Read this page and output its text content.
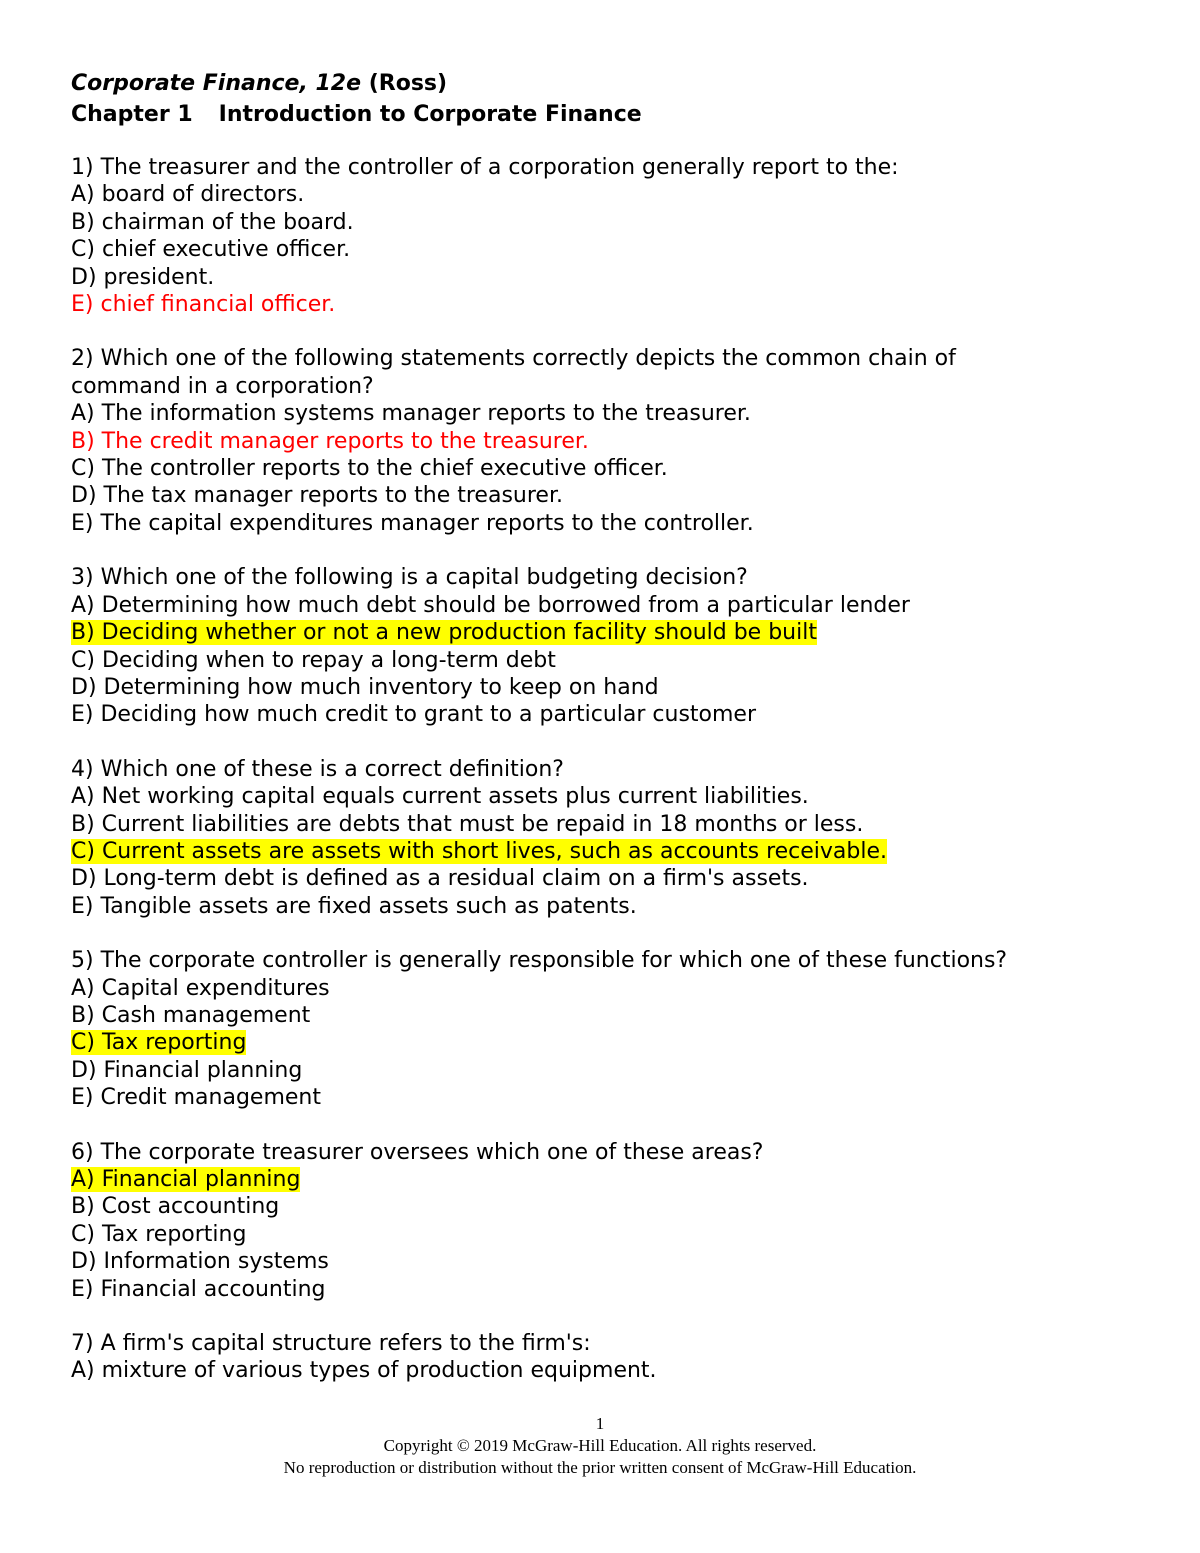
Corporate Finance, 12e (Ross)
Chapter 1 Introduction to Corporate Finance
1) The treasurer and the controller of a corporation generally report to the:
A) board of directors.
B) chairman of the board.
C) chief executive officer.
D) president.
E) chief financial officer.
2) Which one of the following statements correctly depicts the common chain of command in a corporation?
A) The information systems manager reports to the treasurer.
B) The credit manager reports to the treasurer.
C) The controller reports to the chief executive officer.
D) The tax manager reports to the treasurer.
E) The capital expenditures manager reports to the controller.
3) Which one of the following is a capital budgeting decision?
A) Determining how much debt should be borrowed from a particular lender
B) Deciding whether or not a new production facility should be built
C) Deciding when to repay a long-term debt
D) Determining how much inventory to keep on hand
E) Deciding how much credit to grant to a particular customer
4) Which one of these is a correct definition?
A) Net working capital equals current assets plus current liabilities.
B) Current liabilities are debts that must be repaid in 18 months or less.
C) Current assets are assets with short lives, such as accounts receivable.
D) Long-term debt is defined as a residual claim on a firm's assets.
E) Tangible assets are fixed assets such as patents.
5) The corporate controller is generally responsible for which one of these functions?
A) Capital expenditures
B) Cash management
C) Tax reporting
D) Financial planning
E) Credit management
6) The corporate treasurer oversees which one of these areas?
A) Financial planning
B) Cost accounting
C) Tax reporting
D) Information systems
E) Financial accounting
7) A firm's capital structure refers to the firm's:
A) mixture of various types of production equipment.
1
Copyright © 2019 McGraw-Hill Education. All rights reserved.
No reproduction or distribution without the prior written consent of McGraw-Hill Education.
